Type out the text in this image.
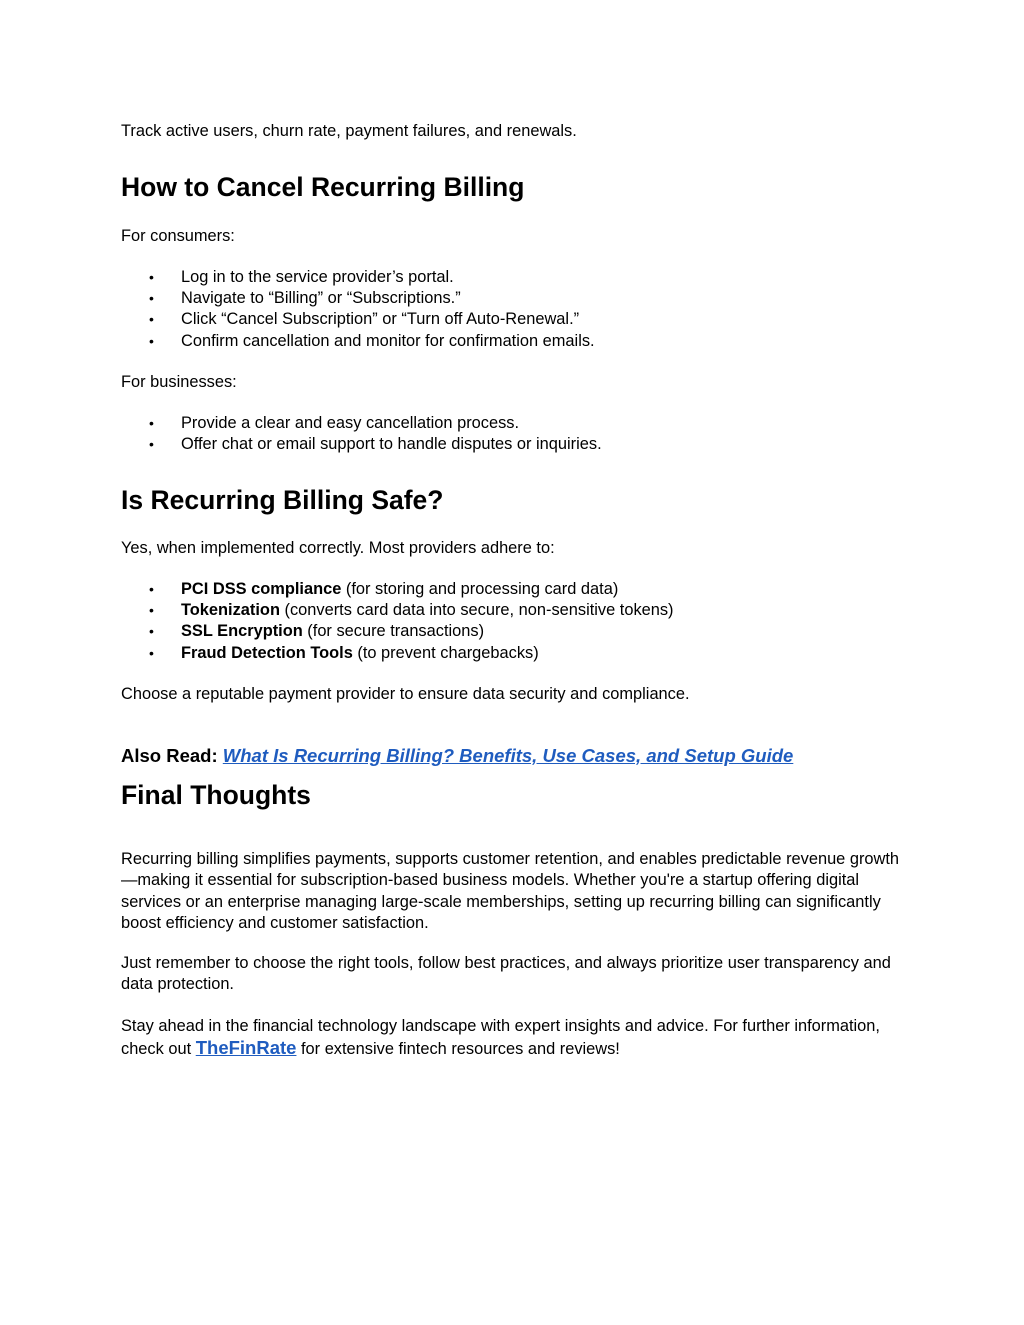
Track active users, churn rate, payment failures, and renewals.

How to Cancel Recurring Billing

For consumers:

• Log in to the service provider’s portal.
• Navigate to “Billing” or “Subscriptions.”
• Click “Cancel Subscription” or “Turn off Auto-Renewal.”
• Confirm cancellation and monitor for confirmation emails.

For businesses:

• Provide a clear and easy cancellation process.
• Offer chat or email support to handle disputes or inquiries.
Is Recurring Billing Safe?

Yes, when implemented correctly. Most providers adhere to:

• PCI DSS compliance (for storing and processing card data)
• Tokenization (converts card data into secure, non-sensitive tokens)
• SSL Encryption (for secure transactions)
• Fraud Detection Tools (to prevent chargebacks)

Choose a reputable payment provider to ensure data security and compliance.

Also Read: What Is Recurring Billing? Benefits, Use Cases, and Setup Guide

Final Thoughts

Recurring billing simplifies payments, supports customer retention, and enables predictable revenue growth—making it essential for subscription-based business models. Whether you're a startup offering digital services or an enterprise managing large-scale memberships, setting up recurring billing can significantly boost efficiency and customer satisfaction.

Just remember to choose the right tools, follow best practices, and always prioritize user transparency and data protection.

Stay ahead in the financial technology landscape with expert insights and advice. For further information, check out TheFinRate for extensive fintech resources and reviews!
